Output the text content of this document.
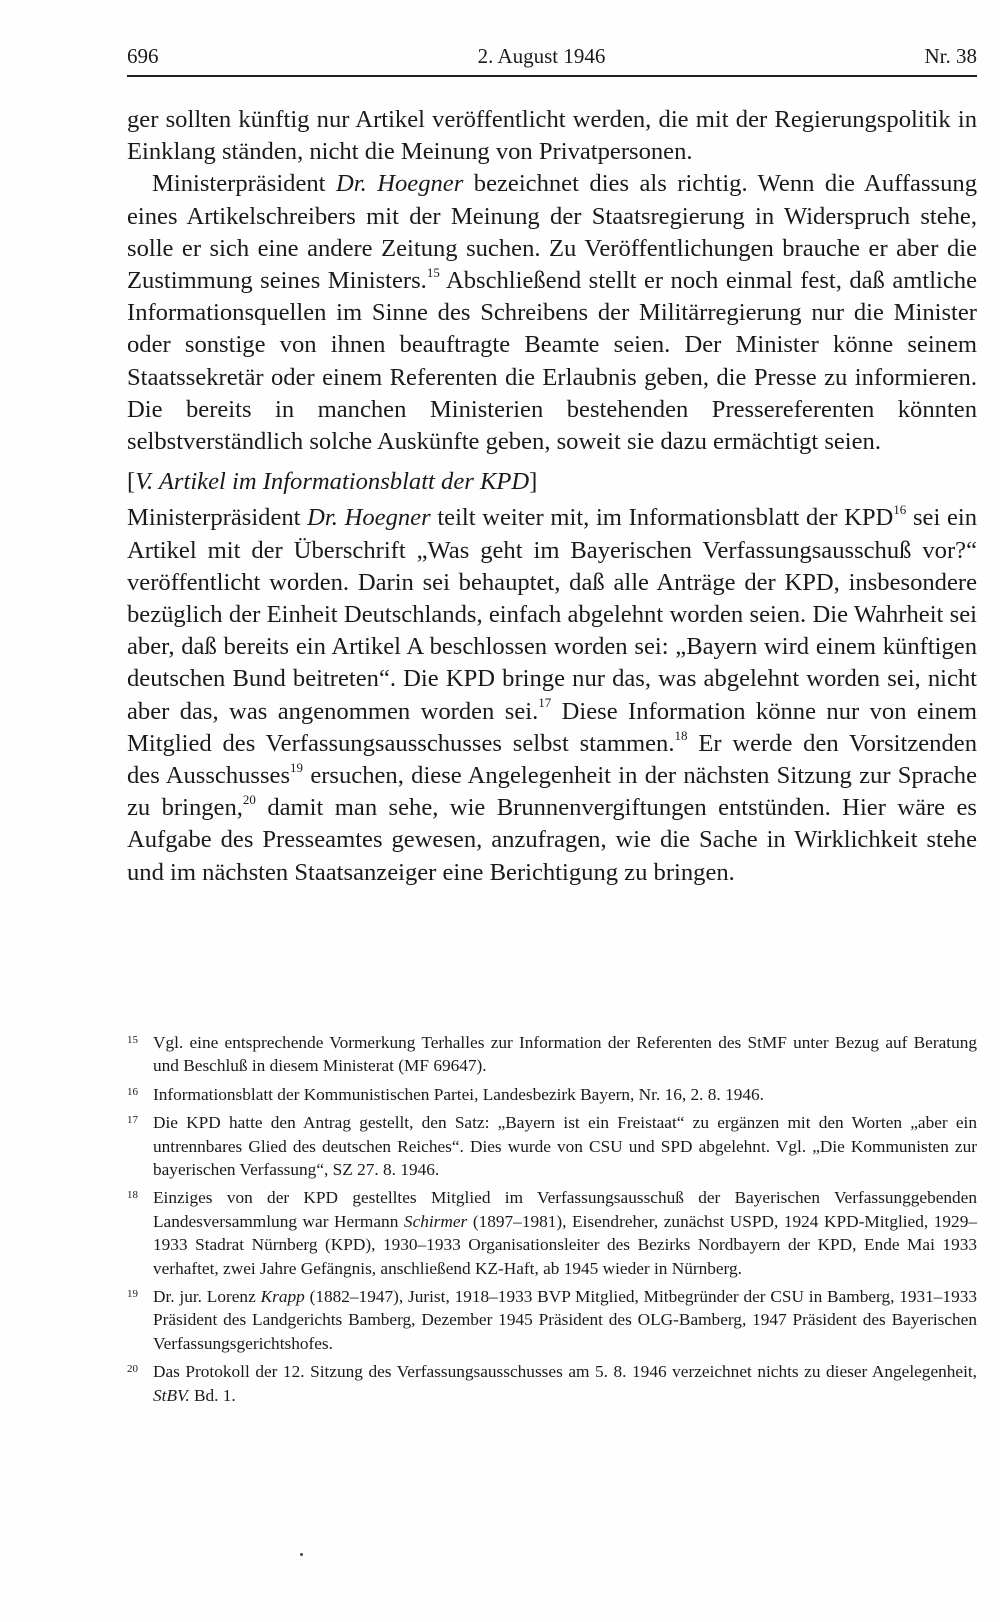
696	2. August 1946	Nr. 38

ger sollten künftig nur Artikel veröffentlicht werden, die mit der Regierungspolitik in Einklang ständen, nicht die Meinung von Privatpersonen.

Ministerpräsident Dr. Hoegner bezeichnet dies als richtig. Wenn die Auffassung eines Artikelschreibers mit der Meinung der Staatsregierung in Widerspruch stehe, solle er sich eine andere Zeitung suchen. Zu Veröffentlichungen brauche er aber die Zustimmung seines Ministers.$^{15}$ Abschließend stellt er noch einmal fest, daß amtliche Informationsquellen im Sinne des Schreibens der Militärregierung nur die Minister oder sonstige von ihnen beauftragte Beamte seien. Der Minister könne seinem Staatssekretär oder einem Referenten die Erlaubnis geben, die Presse zu informieren. Die bereits in manchen Ministerien bestehenden Pressereferenten könnten selbstverständlich solche Auskünfte geben, soweit sie dazu ermächtigt seien.

[V. Artikel im Informationsblatt der KPD]

Ministerpräsident Dr. Hoegner teilt weiter mit, im Informationsblatt der KPD$^{16}$ sei ein Artikel mit der Überschrift „Was geht im Bayerischen Verfassungsausschuß vor?“ veröffentlicht worden. Darin sei behauptet, daß alle Anträge der KPD, insbesondere bezüglich der Einheit Deutschlands, einfach abgelehnt worden seien. Die Wahrheit sei aber, daß bereits ein Artikel A beschlossen worden sei: „Bayern wird einem künftigen deutschen Bund beitreten“. Die KPD bringe nur das, was abgelehnt worden sei, nicht aber das, was angenommen worden sei.$^{17}$ Diese Information könne nur von einem Mitglied des Verfassungsausschusses selbst stammen.$^{18}$ Er werde den Vorsitzenden des Ausschusses$^{19}$ ersuchen, diese Angelegenheit in der nächsten Sitzung zur Sprache zu bringen,$^{20}$ damit man sehe, wie Brunnenvergiftungen entstünden. Hier wäre es Aufgabe des Presseamtes gewesen, anzufragen, wie die Sache in Wirklichkeit stehe und im nächsten Staatsanzeiger eine Berichtigung zu bringen.

15 Vgl. eine entsprechende Vormerkung Terhalles zur Information der Referenten des StMF unter Bezug auf Beratung und Beschluß in diesem Ministerat (MF 69647).

16 Informationsblatt der Kommunistischen Partei, Landesbezirk Bayern, Nr. 16, 2. 8. 1946.

17 Die KPD hatte den Antrag gestellt, den Satz: „Bayern ist ein Freistaat“ zu ergänzen mit den Worten „aber ein untrennbares Glied des deutschen Reiches“. Dies wurde von CSU und SPD abgelehnt. Vgl. „Die Kommunisten zur bayerischen Verfassung“, SZ 27. 8. 1946.

18 Einziges von der KPD gestelltes Mitglied im Verfassungsausschuß der Bayerischen Verfassunggebenden Landesversammlung war Hermann Schirmer (1897–1981), Eisendreher, zunächst USPD, 1924 KPD-Mitglied, 1929–1933 Stadrat Nürnberg (KPD), 1930–1933 Organisationsleiter des Bezirks Nordbayern der KPD, Ende Mai 1933 verhaftet, zwei Jahre Gefängnis, anschließend KZ-Haft, ab 1945 wieder in Nürnberg.

19 Dr. jur. Lorenz Krapp (1882–1947), Jurist, 1918–1933 BVP Mitglied, Mitbegründer der CSU in Bamberg, 1931–1933 Präsident des Landgerichts Bamberg, Dezember 1945 Präsident des OLG-Bamberg, 1947 Präsident des Bayerischen Verfassungsgerichtshofes.

20 Das Protokoll der 12. Sitzung des Verfassungsausschusses am 5. 8. 1946 verzeichnet nichts zu dieser Angelegenheit, StBV. Bd. 1.
